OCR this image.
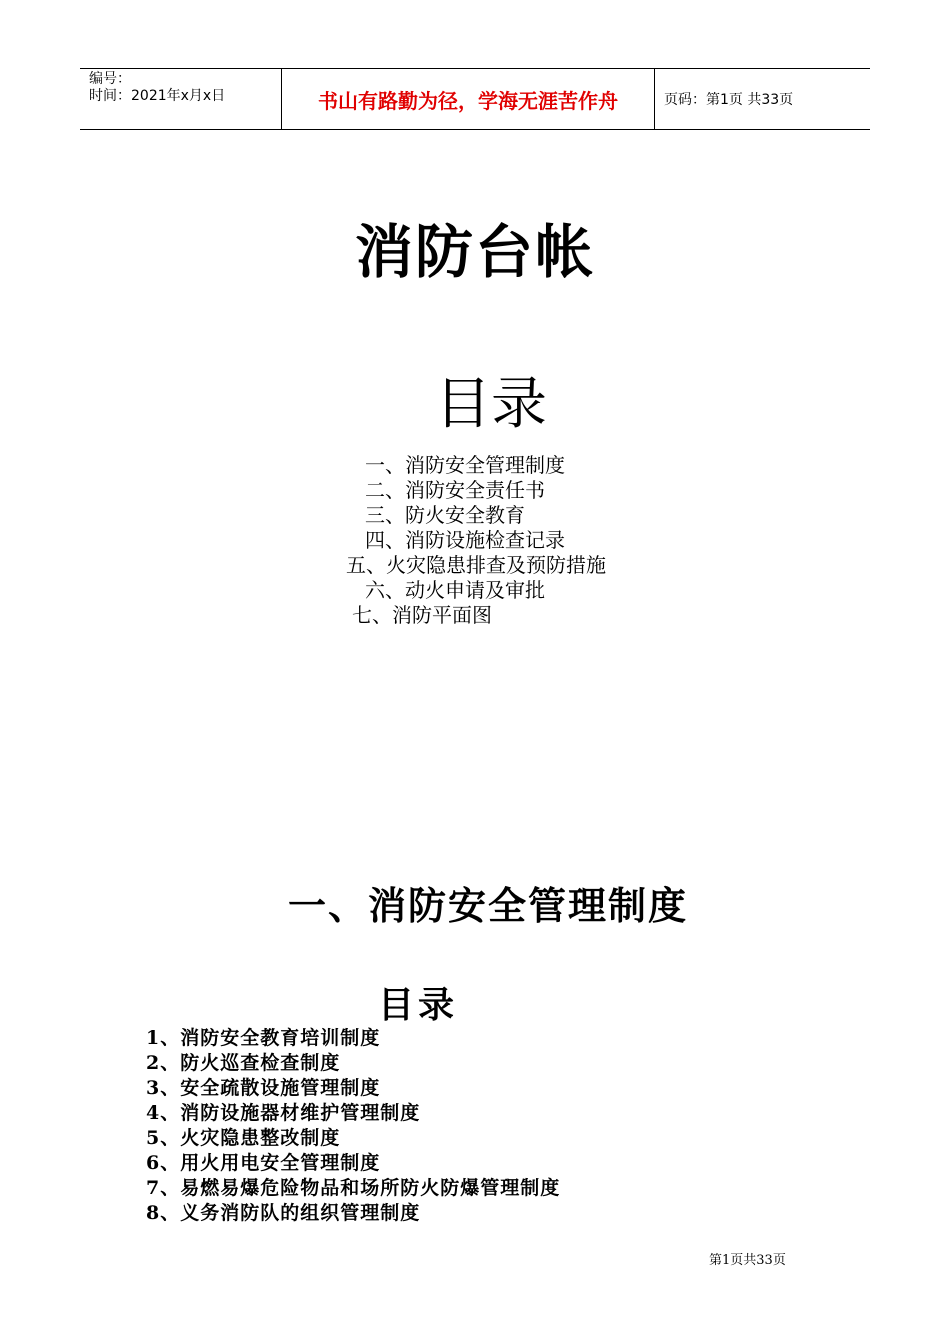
编号：
时间：2021年x月x日	书山有路勤为径，学海无涯苦作舟	页码：第1页 共33页
消防台帐
目录
一、消防安全管理制度
二、消防安全责任书
三、防火安全教育
四、消防设施检查记录
五、火灾隐患排查及预防措施
六、动火申请及审批
七、消防平面图
一、消防安全管理制度
目录
1、消防安全教育培训制度
2、防火巡查检查制度
3、安全疏散设施管理制度
4、消防设施器材维护管理制度
5、火灾隐患整改制度
6、用火用电安全管理制度
7、易燃易爆危险物品和场所防火防爆管理制度
8、义务消防队的组织管理制度
第1页共33页
